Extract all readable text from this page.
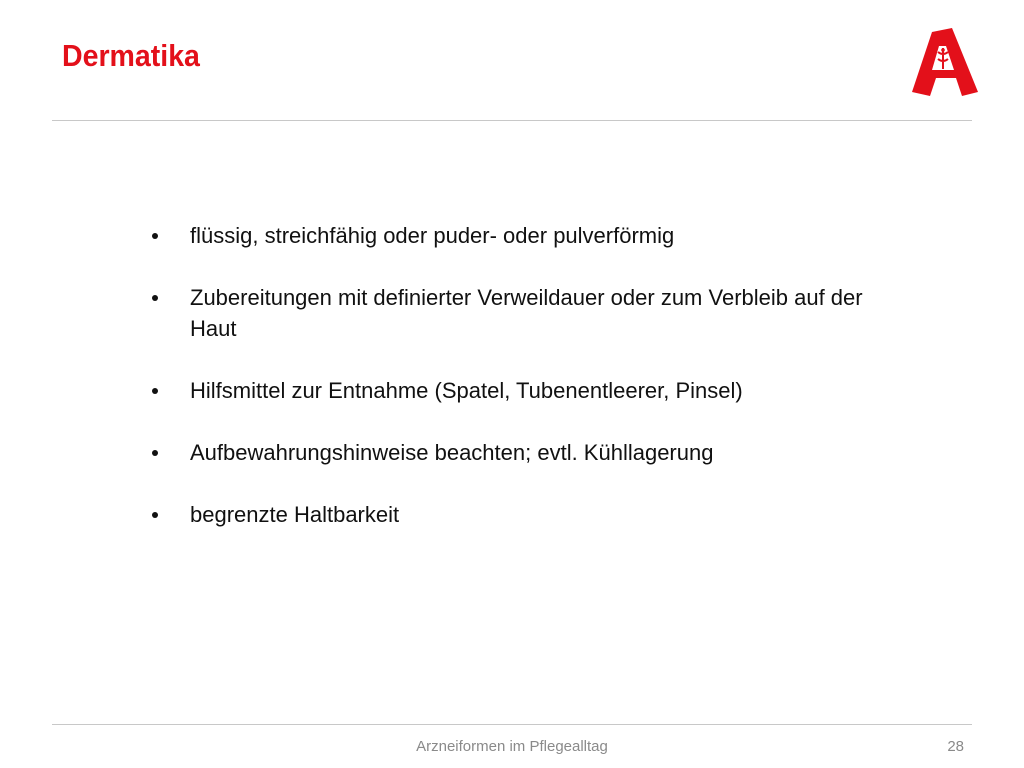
Dermatika
flüssig, streichfähig oder puder- oder pulverförmig
Zubereitungen mit definierter Verweildauer oder zum Verbleib auf der Haut
Hilfsmittel zur Entnahme (Spatel, Tubenentleerer, Pinsel)
Aufbewahrungshinweise beachten; evtl. Kühllagerung
begrenzte Haltbarkeit
Arzneiformen im Pflegealltag	28
